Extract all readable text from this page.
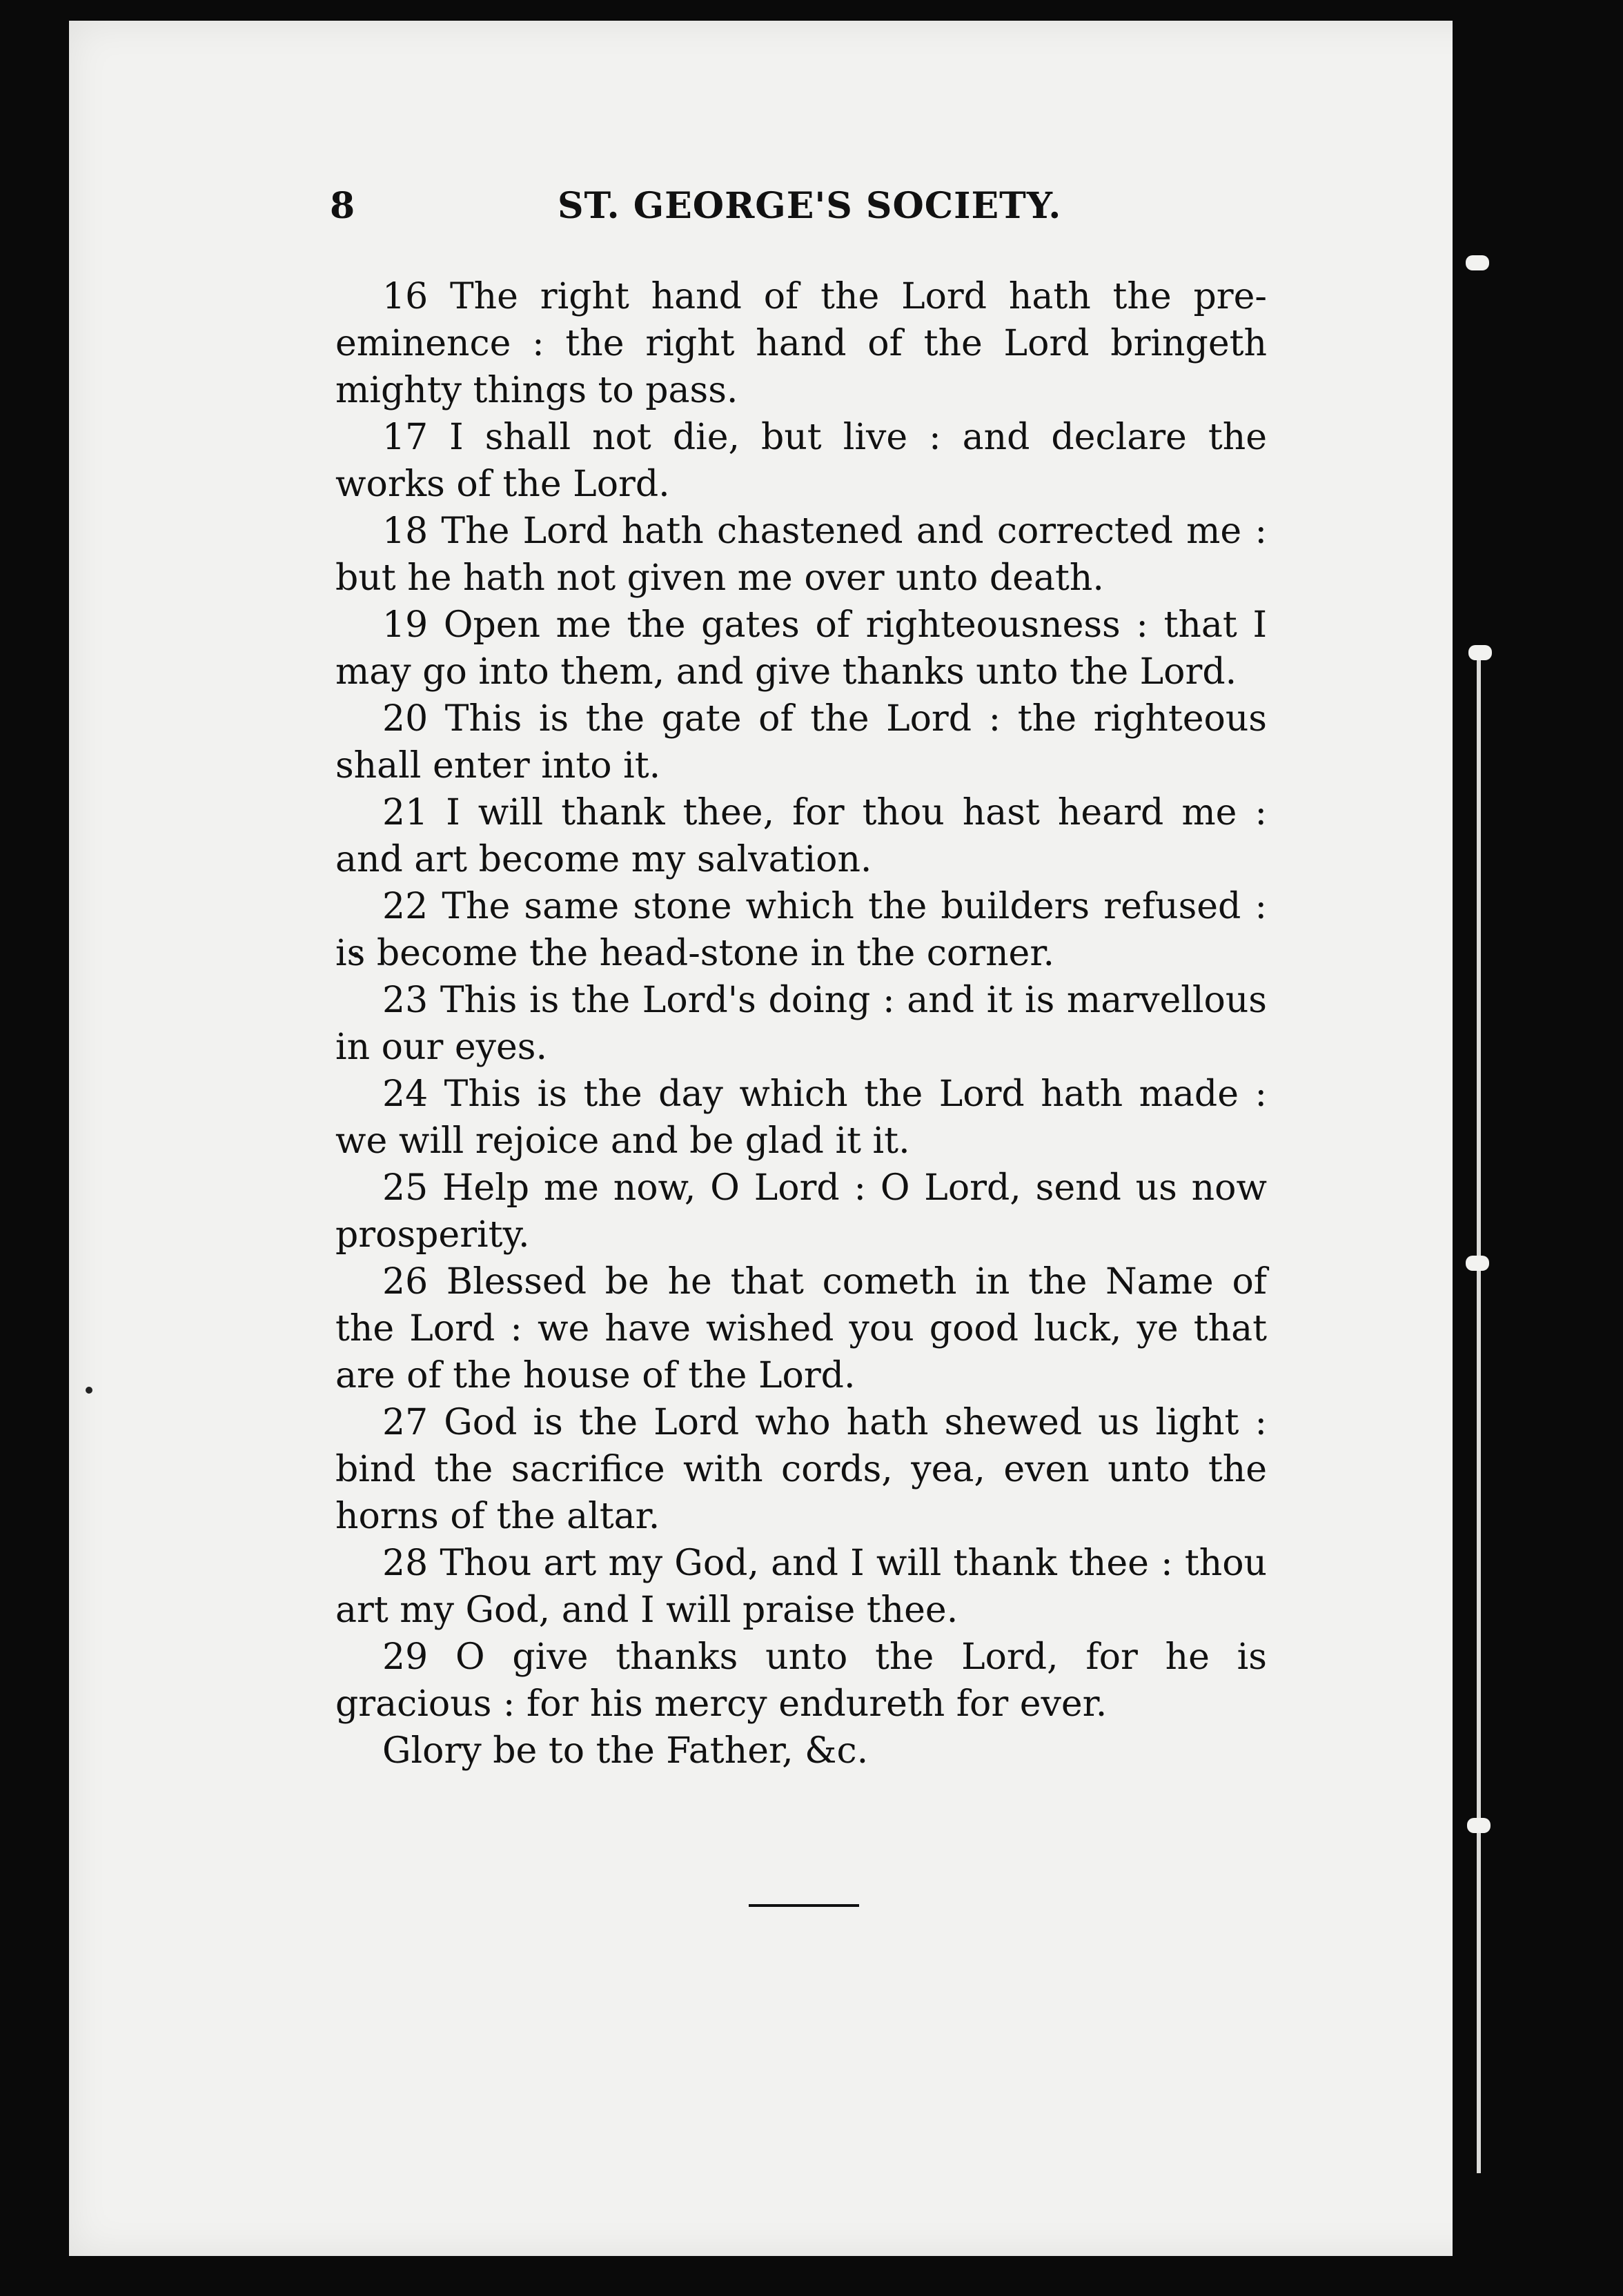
8	ST. GEORGE'S SOCIETY.

16 The right hand of the Lord hath the pre-eminence : the right hand of the Lord bringeth mighty things to pass.

17 I shall not die, but live : and declare the works of the Lord.

18 The Lord hath chastened and corrected me : but he hath not given me over unto death.

19 Open me the gates of righteousness : that I may go into them, and give thanks unto the Lord.

20 This is the gate of the Lord : the righteous shall enter into it.

21 I will thank thee, for thou hast heard me : and art become my salvation.

22 The same stone which the builders refused : is become the head-stone in the corner.

23 This is the Lord's doing : and it is marvellous in our eyes.

24 This is the day which the Lord hath made : we will rejoice and be glad it it.

25 Help me now, O Lord : O Lord, send us now prosperity.

26 Blessed be he that cometh in the Name of the Lord : we have wished you good luck, ye that are of the house of the Lord.

27 God is the Lord who hath shewed us light : bind the sacrifice with cords, yea, even unto the horns of the altar.

28 Thou art my God, and I will thank thee : thou art my God, and I will praise thee.

29 O give thanks unto the Lord, for he is gracious : for his mercy endureth for ever.

Glory be to the Father, &c.
